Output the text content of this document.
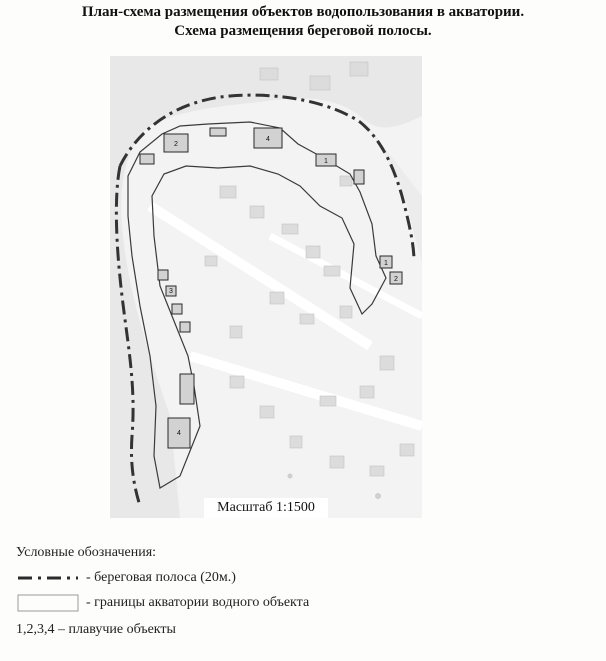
План-схема размещения объектов водопользования в акватории.
Схема размещения береговой полосы.
2
4
1
1
2
3
4
Масштаб 1:1500
Условные обозначения:
- береговая полоса (20м.)
- границы акватории водного объекта
1,2,3,4 – плавучие объекты
